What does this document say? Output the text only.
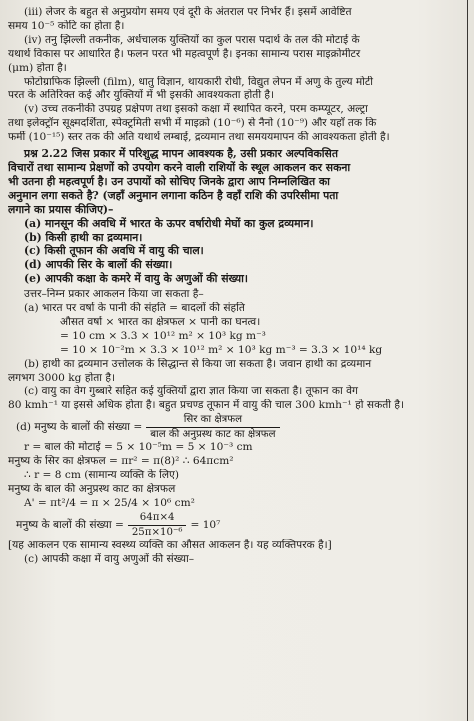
(iii) लेजर के बहुत से अनुप्रयोग समय एवं दूरी के अंतराल पर निर्भर हैं। इसमें आवेष्टित
समय 10⁻⁵ कोटि का होता है।
(iv) तनु झिल्ली तकनीक, अर्धचालक युक्तियों का कुल परास पदार्थ के तल की मोटाई के
यथार्थ विकास पर आधारित है। फलन परत भी महत्वपूर्ण है। इनका सामान्य परास माइक्रोमीटर
(μm) होता है।
फोटोग्राफिक झिल्ली (film), धातु विज्ञान, थायकारी रोधी, विद्युत लेपन में अणु के तुल्य मोटी
परत के अतिरिक्त कई और युक्तियों में भी इसकी आवश्यकता होती है।
(v) उच्च तकनीकी उपग्रह प्रक्षेपण तथा इसको कक्षा में स्थापित करने, परम कम्प्यूटर, अल्ट्रा
तथा इलेक्ट्रॉन सूक्ष्मदर्शिता, स्पेक्ट्रमिती सभी में माइक्रो (10⁻⁶) से नैनो (10⁻⁹) और यहाँ तक कि
फर्मी (10⁻¹⁵) स्तर तक की अति यथार्थ लम्बाई, द्रव्यमान तथा समययमापन की आवश्यकता होती है।
प्रश्न 2.22 जिस प्रकार में परिशुद्ध मापन आवश्यक है, उसी प्रकार अल्पविकसित
विचारों तथा सामान्य प्रेक्षणों को उपयोग करने वाली राशियों के स्थूल आकलन कर सकना
भी उतना ही महत्वपूर्ण है। उन उपायों को सोचिए जिनके द्वारा आप निम्नलिखित का
अनुमान लगा सकते है? (जहाँ अनुमान लगाना कठिन है वहाँ राशि की उपरिसीमा पता
लगाने का प्रयास कीजिए)–
(a) मानसून की अवधि में भारत के ऊपर वर्षारोधी मेघों का कुल द्रव्यमान।
(b) किसी हाथी का द्रव्यमान।
(c) किसी तूफान की अवधि में वायु की चाल।
(d) आपकी सिर के बालों की संख्या।
(e) आपकी कक्षा के कमरे में वायु के अणुओं की संख्या।
उत्तर–निम्न प्रकार आकलन किया जा सकता है–
(a) भारत पर वर्षा के पानी की संहति = बादलों की संहति
औसत वर्षा × भारत का क्षेत्रफल × पानी का घनत्व।
= 10 cm × 3.3 × 10¹² m² × 10³ kg m⁻³
= 10 × 10⁻²m × 3.3 × 10¹² m² × 10³ kg m⁻³ = 3.3 × 10¹⁴ kg
(b) हाथी का द्रव्यमान उत्तोलक के सिद्धान्त से किया जा सकता है। जवान हाथी का द्रव्यमान
लगभग 3000 kg होता है।
(c) वायु का वेग गुब्बारे सहित कई युक्तियों द्वारा ज्ञात किया जा सकता है। तूफान का वेग
80 kmh⁻¹ या इससे अधिक होता है। बहुत प्रचण्ड तूफान में वायु की चाल 300 kmh⁻¹ हो सकती है।
(d) मनुष्य के बालों की संख्या = $\frac{\text{सिर का क्षेत्रफल}}{\text{बाल की अनुप्रस्थ काट का क्षेत्रफल}}$
r = बाल की मोटाई = 5 × 10⁻⁵m = 5 × 10⁻³ cm
मनुष्य के सिर का क्षेत्रफल = πr² = π(8)² ∴ 64πcm²
∴ r = 8 cm (सामान्य व्यक्ति के लिए)
मनुष्य के बाल की अनुप्रस्थ काट का क्षेत्रफल
A' = πt²/4 = π × 25/4 × 10⁶ cm²
मनुष्य के बालों की संख्या = $\frac{64\pi\times 4}{\text{25π×10⁻⁶}} = 10^7$
[यह आकलन एक सामान्य स्वस्थ्य व्यक्ति का औसत आकलन है। यह व्यक्तिपरक है।]
(c) आपकी कक्षा में वायु अणुओं की संख्या–
